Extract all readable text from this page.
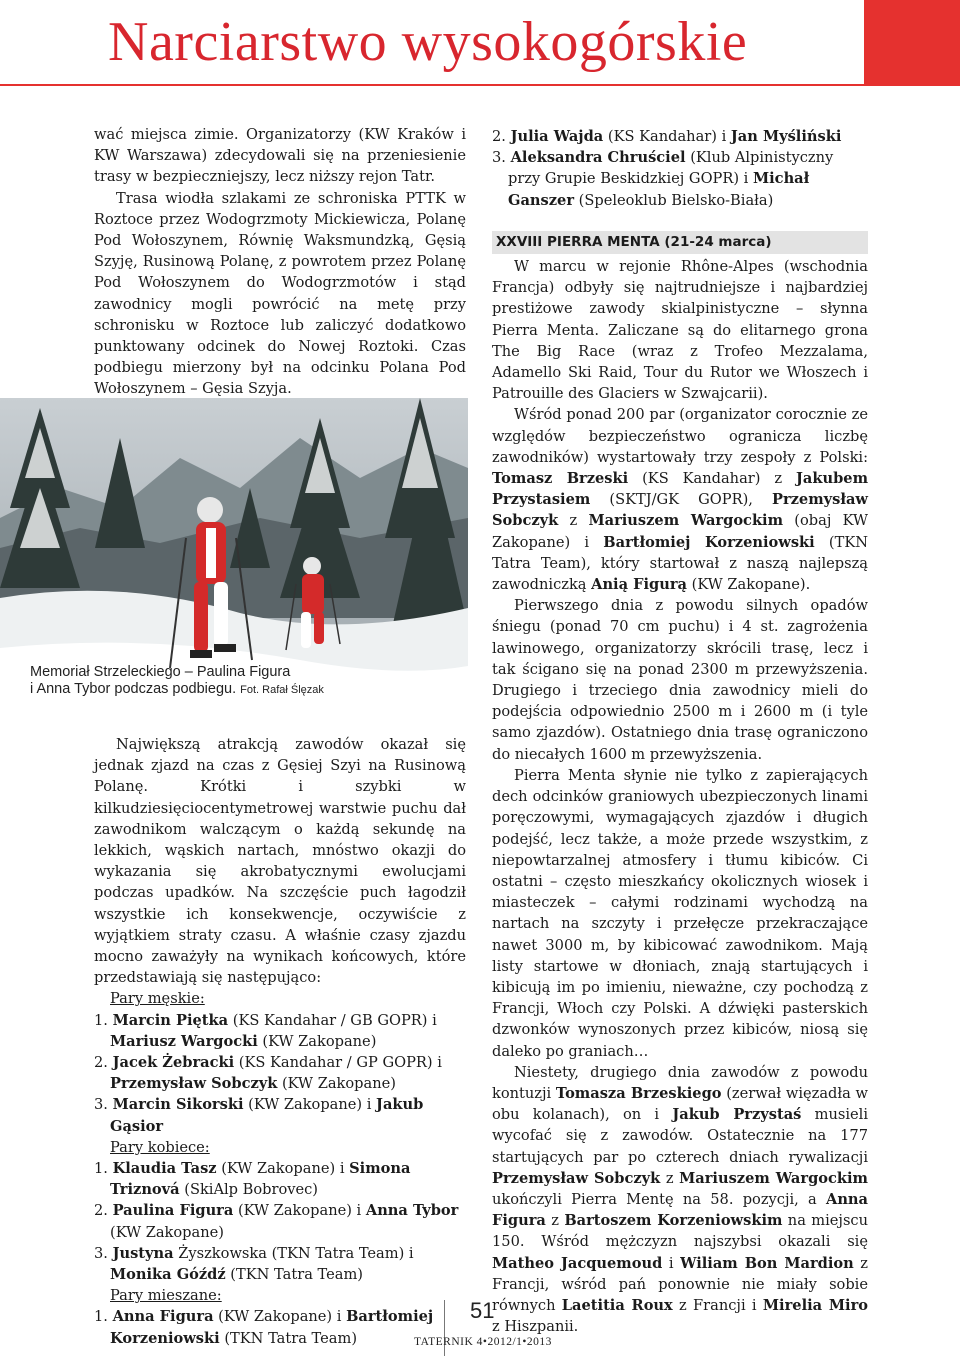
Narciarstwo wysokogórskie

wać miejsca zimie. Organizatorzy (KW Kraków i KW Warszawa) zdecydowali się na przeniesienie trasy w bezpieczniejszy, lecz niższy rejon Tatr.

Trasa wiodła szlakami ze schroniska PTTK w Roztoce przez Wodogrzmoty Mickiewicza, Polanę Pod Wołoszynem, Równię Waksmundzką, Gęsią Szyję, Rusinową Polanę, z powrotem przez Polanę Pod Wołoszynem do Wodogrzmotów i stąd zawodnicy mogli powrócić na metę przy schronisku w Roztoce lub zaliczyć dodatkowo punktowany odcinek do Nowej Roztoki. Czas podbiegu mierzony był na odcinku Polana Pod Wołoszynem – Gęsia Szyja.

Memoriał Strzeleckiego – Paulina Figura
i Anna Tybor podczas podbiegu. Fot. Rafał Ślęzak

Największą atrakcją zawodów okazał się jednak zjazd na czas z Gęsiej Szyi na Rusinową Polanę. Krótki i szybki w kilkudziesięciocentymetrowej warstwie puchu dał zawodnikom walczącym o każdą sekundę na lekkich, wąskich nartach, mnóstwo okazji do wykazania się akrobatycznymi ewolucjami podczas upadków. Na szczęście puch łagodził wszystkie ich konsekwencje, oczywiście z wyjątkiem straty czasu. A właśnie czasy zjazdu mocno zaważyły na wynikach końcowych, które przedstawiają się następująco:

Pary męskie:
1. Marcin Piętka (KS Kandahar / GB GOPR) i Mariusz Wargocki (KW Zakopane)
2. Jacek Żebracki (KS Kandahar / GP GOPR) i Przemysław Sobczyk (KW Zakopane)
3. Marcin Sikorski (KW Zakopane) i Jakub Gąsior
Pary kobiece:
1. Klaudia Tasz (KW Zakopane) i Simona Triznová (SkiAlp Bobrovec)
2. Paulina Figura (KW Zakopane) i Anna Tybor (KW Zakopane)
3. Justyna Żyszkowska (TKN Tatra Team) i Monika Góźdź (TKN Tatra Team)
Pary mieszane:
1. Anna Figura (KW Zakopane) i Bartłomiej Korzeniowski (TKN Tatra Team)
2. Julia Wajda (KS Kandahar) i Jan Myśliński
3. Aleksandra Chruściel (Klub Alpinistyczny przy Grupie Beskidzkiej GOPR) i Michał Ganszer (Speleoklub Bielsko-Biała)
XXVIII PIERRA MENTA (21-24 marca)

W marcu w rejonie Rhône-Alpes (wschodnia Francja) odbyły się najtrudniejsze i najbardziej prestiżowe zawody skialpinistyczne – słynna Pierra Menta. Zaliczane są do elitarnego grona The Big Race (wraz z Trofeo Mezzalama, Adamello Ski Raid, Tour du Rutor we Włoszech i Patrouille des Glaciers w Szwajcarii).

Wśród ponad 200 par (organizator corocznie ze względów bezpieczeństwo ogranicza liczbę zawodników) wystartowały trzy zespoły z Polski: Tomasz Brzeski (KS Kandahar) z Jakubem Przystasiem (SKTJ/GK GOPR), Przemysław Sobczyk z Mariuszem Wargockim (obaj KW Zakopane) i Bartłomiej Korzeniowski (TKN Tatra Team), który startował z naszą najlepszą zawodniczką Anią Figurą (KW Zakopane).

Pierwszego dnia z powodu silnych opadów śniegu (ponad 70 cm puchu) i 4 st. zagrożenia lawinowego, organizatorzy skrócili trasę, lecz i tak ścigano się na ponad 2300 m przewyższenia. Drugiego i trzeciego dnia zawodnicy mieli do podejścia odpowiednio 2500 m i 2600 m (i tyle samo zjazdów). Ostatniego dnia trasę ograniczono do niecałych 1600 m przewyższenia.

Pierra Menta słynie nie tylko z zapierających dech odcinków graniowych ubezpieczonych linami poręczowymi, wymagających zjazdów i długich podejść, lecz także, a może przede wszystkim, z niepowtarzalnej atmosfery i tłumu kibiców. Ci ostatni – często mieszkańcy okolicznych wiosek i miasteczek – całymi rodzinami wychodzą na nartach na szczyty i przełęcze przekraczające nawet 3000 m, by kibicować zawodnikom. Mają listy startowe w dłoniach, znają startujących i kibicują im po imieniu, nieważne, czy pochodzą z Francji, Włoch czy Polski. A dźwięki pasterskich dzwonków wynoszonych przez kibiców, niosą się daleko po graniach…

Niestety, drugiego dnia zawodów z powodu kontuzji Tomasza Brzeskiego (zerwał więzadła w obu kolanach), on i Jakub Przystaś musieli wycofać się z zawodów. Ostatecznie na 177 startujących par po czterech dniach rywalizacji Przemysław Sobczyk z Mariuszem Wargockim ukończyli Pierra Mentę na 58. pozycji, a Anna Figura z Bartoszem Korzeniowskim na miejscu 150. Wśród mężczyzn najszybsi okazali się Matheo Jacquemoud i Wiliam Bon Mardion z Francji, wśród pań ponownie nie miały sobie równych Laetitia Roux z Francji i Mirelia Miro z Hiszpanii.

51
TATERNIK 4•2012/1•2013
